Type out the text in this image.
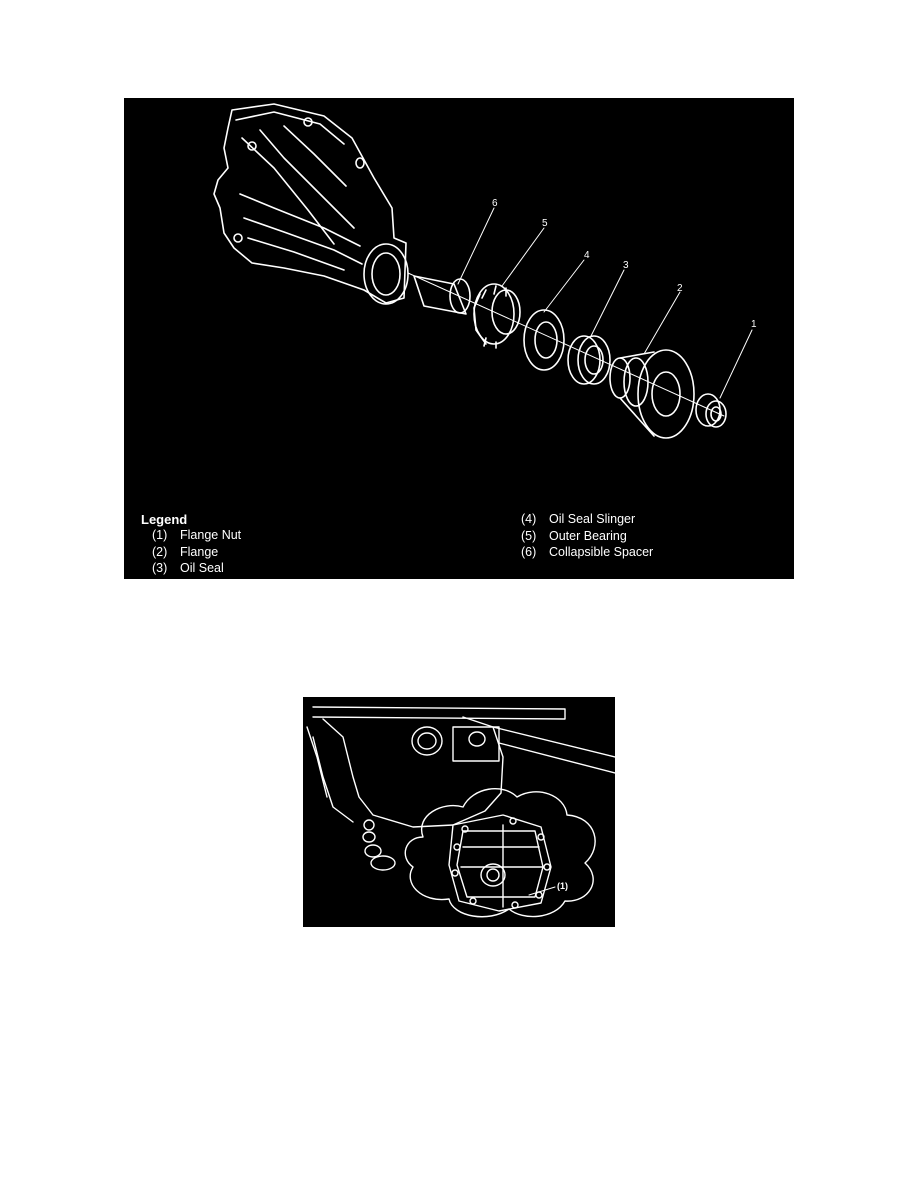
6
5
4
3
2
1
Legend
(1) Flange Nut
(2) Flange
(3) Oil Seal
(4) Oil Seal Slinger
(5) Outer Bearing
(6) Collapsible Spacer
(1)
